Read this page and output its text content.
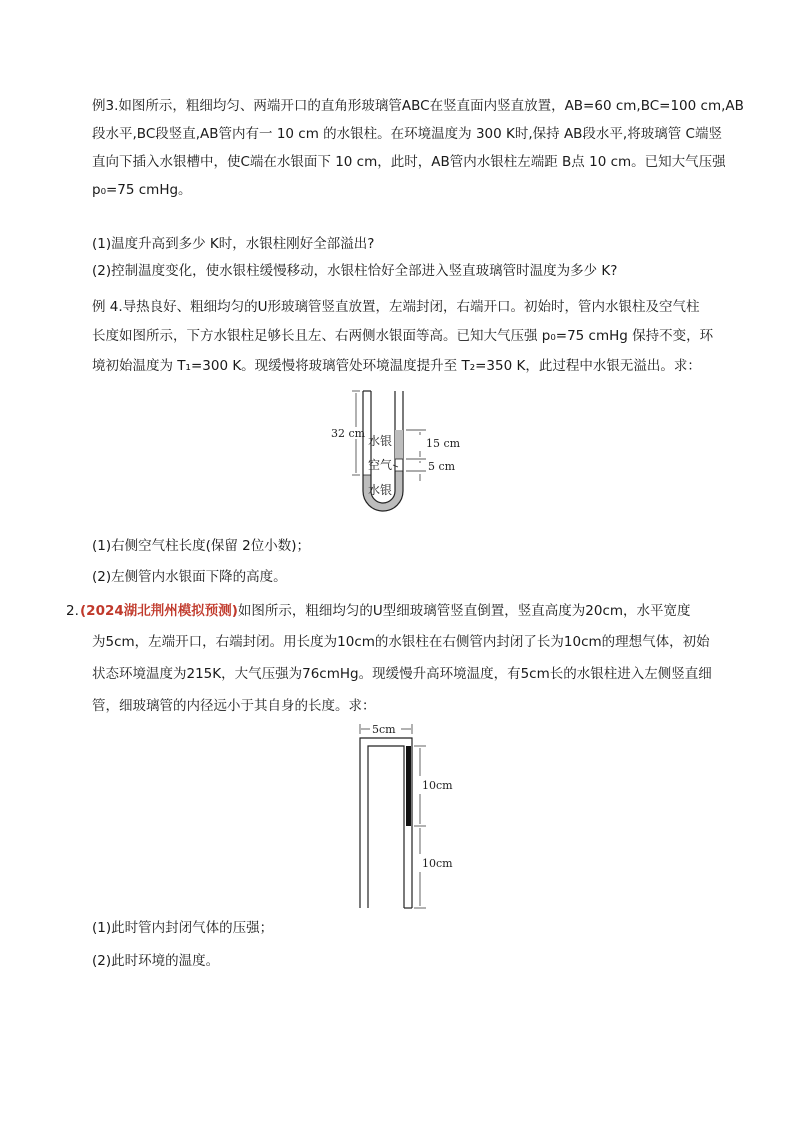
例3.如图所示，粗细均匀、两端开口的直角形玻璃管ABC在竖直面内竖直放置，AB=60 cm,BC=100 cm,AB
段水平,BC段竖直,AB管内有一 10 cm 的水银柱。在环境温度为 300 K时,保持 AB段水平,将玻璃管 C端竖
直向下插入水银槽中，使C端在水银面下 10 cm，此时，AB管内水银柱左端距 B点 10 cm。已知大气压强
p₀=75 cmHg。
(1)温度升高到多少 K时，水银柱刚好全部溢出?
(2)控制温度变化，使水银柱缓慢移动，水银柱恰好全部进入竖直玻璃管时温度为多少 K?
例 4.导热良好、粗细均匀的U形玻璃管竖直放置，左端封闭，右端开口。初始时，管内水银柱及空气柱
长度如图所示，下方水银柱足够长且左、右两侧水银面等高。已知大气压强 p₀=75 cmHg 保持不变，环
境初始温度为 T₁=300 K。现缓慢将玻璃管处环境温度提升至 T₂=350 K，此过程中水银无溢出。求：
32 cm
15 cm
5 cm
水银
空气
水银
(1)右侧空气柱长度(保留 2位小数)；
(2)左侧管内水银面下降的高度。
2. (2024湖北荆州模拟预测)如图所示，粗细均匀的U型细玻璃管竖直倒置，竖直高度为20cm，水平宽度
为5cm，左端开口，右端封闭。用长度为10cm的水银柱在右侧管内封闭了长为10cm的理想气体，初始
状态环境温度为215K，大气压强为76cmHg。现缓慢升高环境温度，有5cm长的水银柱进入左侧竖直细
管，细玻璃管的内径远小于其自身的长度。求：
5cm
10cm
10cm
(1)此时管内封闭气体的压强；
(2)此时环境的温度。
